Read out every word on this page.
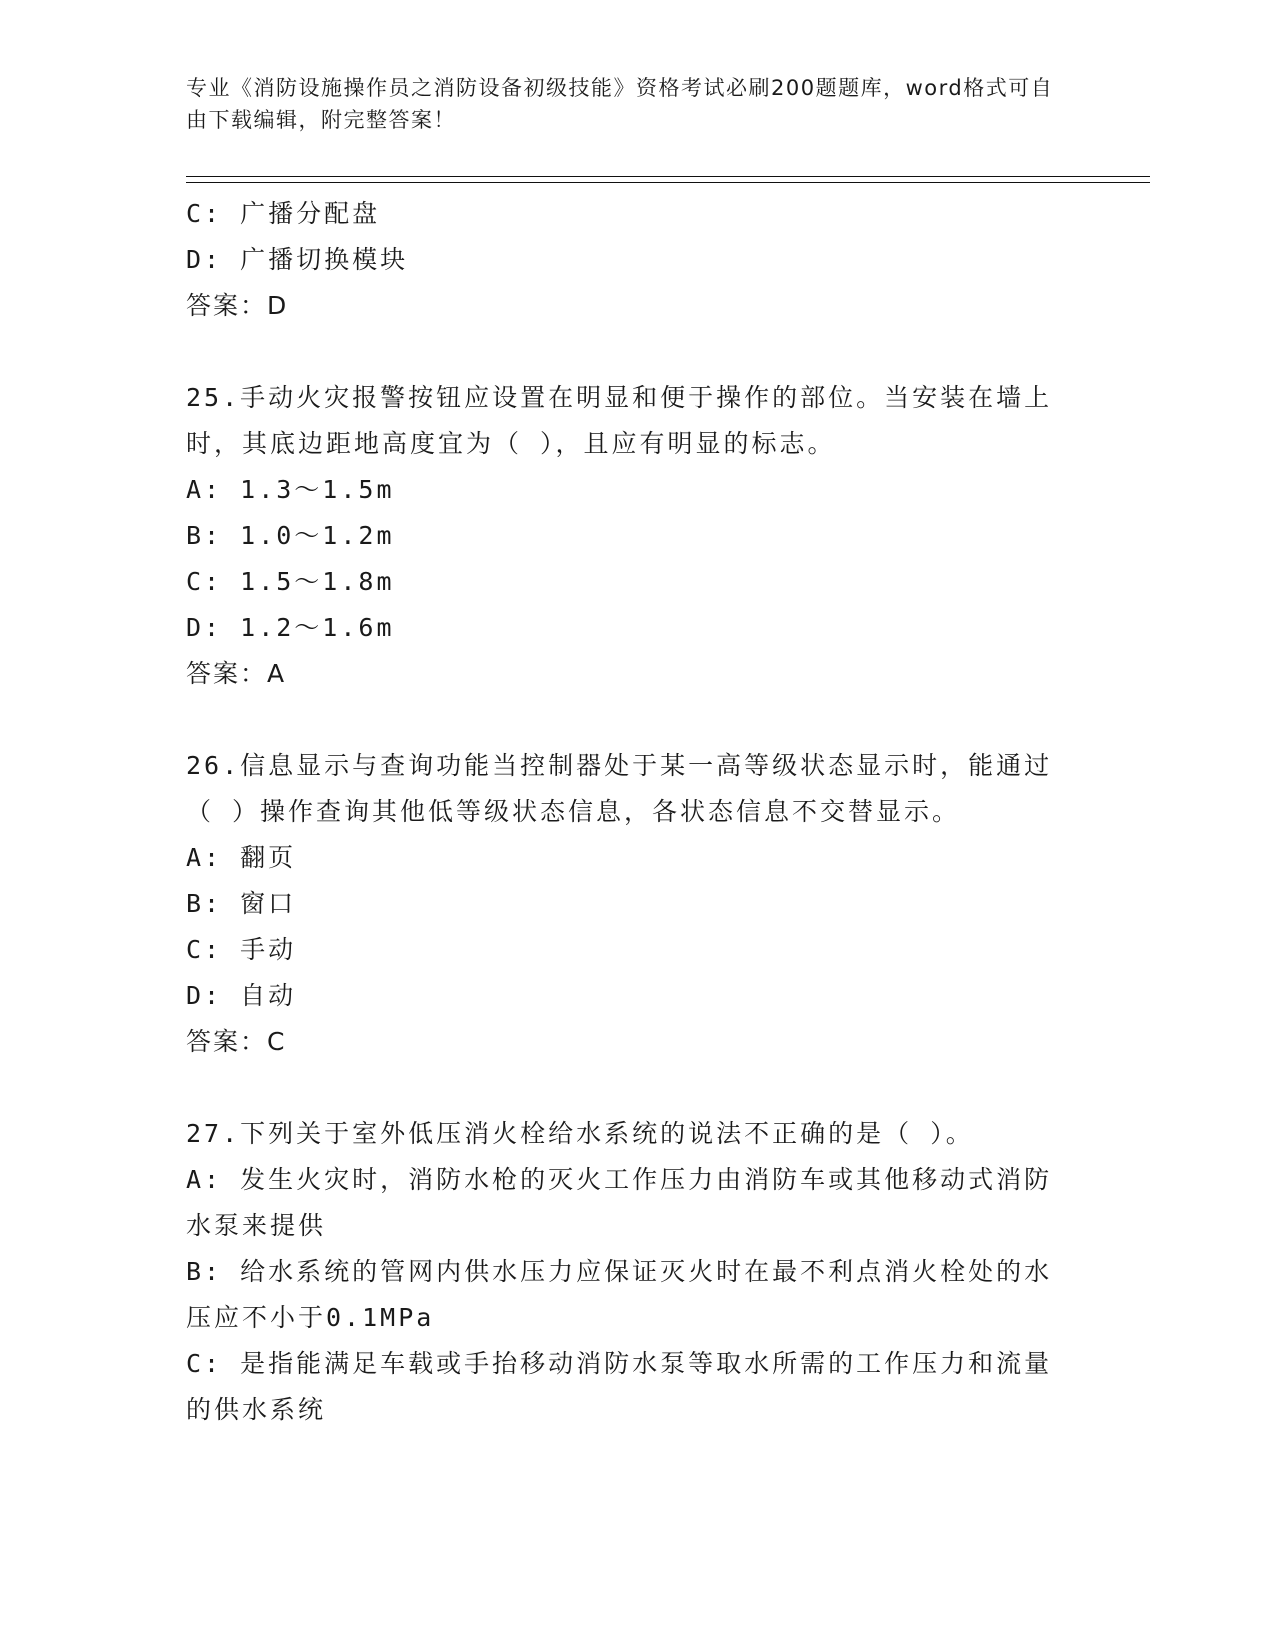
专业《消防设施操作员之消防设备初级技能》资格考试必刷200题题库，word格式可自由下载编辑，附完整答案！

C: 广播分配盘

D: 广播切换模块

答案：D

25.手动火灾报警按钮应设置在明显和便于操作的部位。当安装在墙上时，其底边距地高度宜为（ ），且应有明显的标志。

A: 1.3～1.5m

B: 1.0～1.2m

C: 1.5～1.8m

D: 1.2～1.6m

答案：A

26.信息显示与查询功能当控制器处于某一高等级状态显示时，能通过（ ）操作查询其他低等级状态信息，各状态信息不交替显示。

A: 翻页

B: 窗口

C: 手动

D: 自动

答案：C

27.下列关于室外低压消火栓给水系统的说法不正确的是（ ）。

A: 发生火灾时，消防水枪的灭火工作压力由消防车或其他移动式消防水泵来提供

B: 给水系统的管网内供水压力应保证灭火时在最不利点消火栓处的水压应不小于0.1MPa

C: 是指能满足车载或手抬移动消防水泵等取水所需的工作压力和流量的供水系统
